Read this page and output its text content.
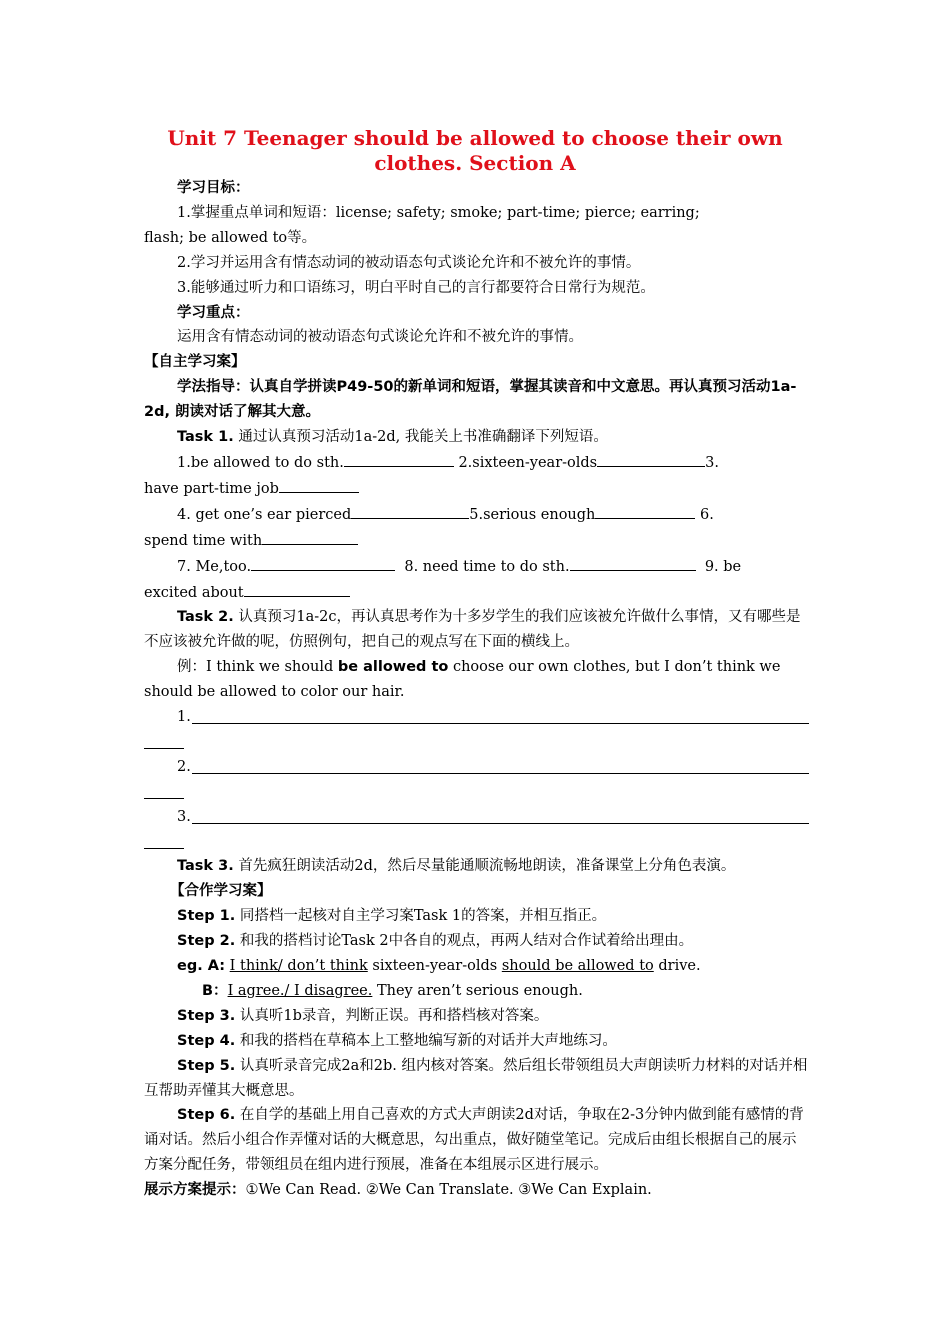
Unit 7 Teenager should be allowed to choose their own
clothes. Section A

学习目标：

1.掌握重点单词和短语：license; safety; smoke; part-time; pierce; earring;
flash; be allowed to等。

2.学习并运用含有情态动词的被动语态句式谈论允许和不被允许的事情。

3.能够通过听力和口语练习，明白平时自己的言行都要符合日常行为规范。

学习重点：

运用含有情态动词的被动语态句式谈论允许和不被允许的事情。

【自主学习案】

学法指导：认真自学拼读P49-50的新单词和短语，掌握其读音和中文意思。再认真预习活动1a-2d, 朗读对话了解其大意。

Task 1. 通过认真预习活动1a-2d, 我能关上书准确翻译下列短语。

1.be allowed to do sth.	2.sixteen-year-olds	3.
have part-time job

4. get one’s ear pierced	5.serious enough	6.
spend time with

7. Me,too.	8. need time to do sth.	9. be
excited about

Task 2. 认真预习1a-2c，再认真思考作为十多岁学生的我们应该被允许做什么事情，又有哪些是不应该被允许做的呢，仿照例句，把自己的观点写在下面的横线上。

例：I think we should be allowed to choose our own clothes, but I don’t think we should be allowed to color our hair.

1.
2.
3.

Task 3. 首先疯狂朗读活动2d，然后尽量能通顺流畅地朗读，准备课堂上分角色表演。

【合作学习案】

Step 1. 同搭档一起核对自主学习案Task 1的答案，并相互指正。

Step 2. 和我的搭档讨论Task 2中各自的观点，再两人结对合作试着给出理由。

eg. A: I think/ don’t think sixteen-year-olds should be allowed to drive.

B：I agree./ I disagree. They aren’t serious enough.

Step 3. 认真听1b录音，判断正误。再和搭档核对答案。

Step 4. 和我的搭档在草稿本上工整地编写新的对话并大声地练习。

Step 5. 认真听录音完成2a和2b. 组内核对答案。然后组长带领组员大声朗读听力材料的对话并相互帮助弄懂其大概意思。

Step 6. 在自学的基础上用自己喜欢的方式大声朗读2d对话，争取在2-3分钟内做到能有感情的背诵对话。然后小组合作弄懂对话的大概意思，勾出重点，做好随堂笔记。完成后由组长根据自己的展示方案分配任务，带领组员在组内进行预展，准备在本组展示区进行展示。

展示方案提示：①We Can Read. ②We Can Translate. ③We Can Explain.
